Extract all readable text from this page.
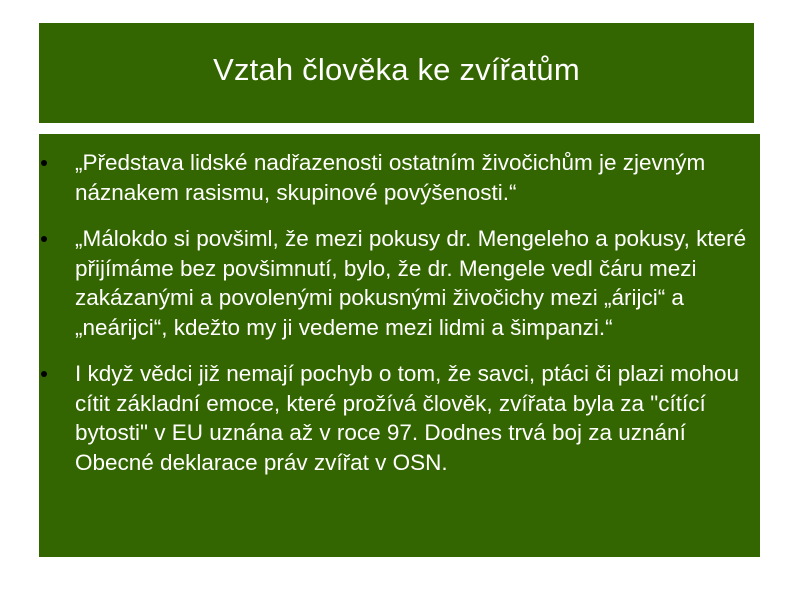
Vztah člověka ke zvířatům
„Představa lidské nadřazenosti ostatním živočichům je zjevným náznakem rasismu, skupinové povýšenosti.“
„Málokdo si povšiml, že mezi pokusy dr. Mengeleho a pokusy, které přijímáme bez povšimnutí, bylo, že dr. Mengele vedl čáru mezi zakázanými a povolenými pokusnými živočichy mezi „árijci“ a „neárijci“, kdežto my ji vedeme mezi lidmi a šimpanzi.“
I když vědci již nemají pochyb o tom, že savci, ptáci či plazi mohou cítit základní emoce, které prožívá člověk, zvířata byla za "cítící bytosti" v EU uznána až v roce 97. Dodnes trvá boj za uznání Obecné deklarace práv zvířat v OSN.
